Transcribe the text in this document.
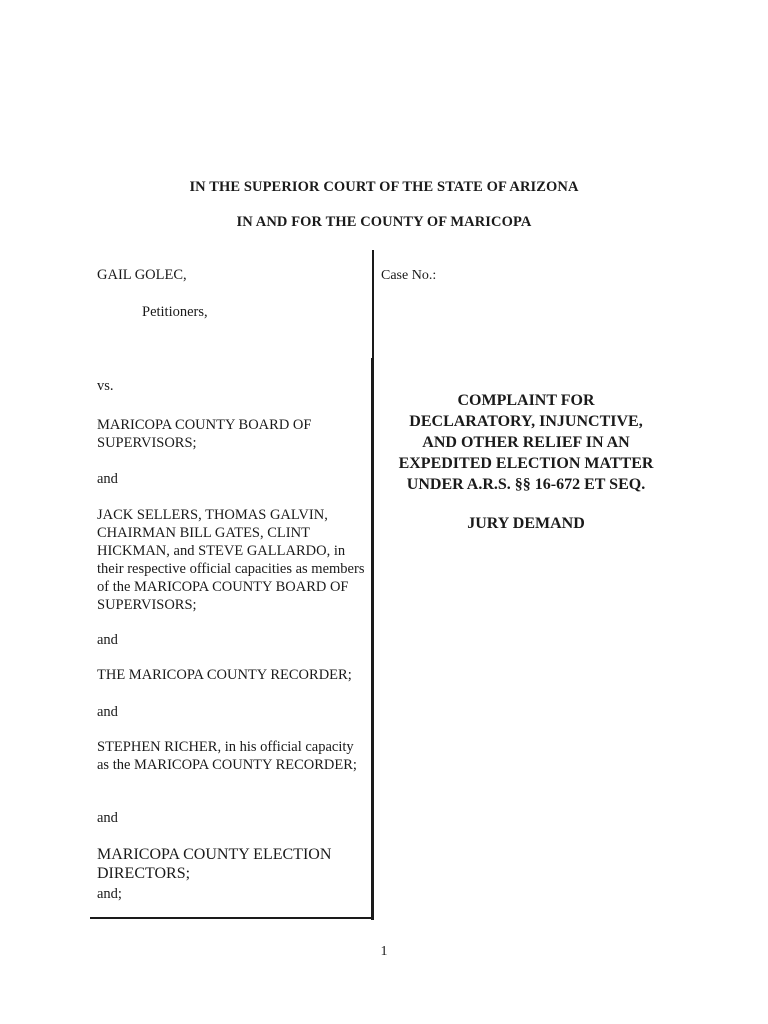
IN THE SUPERIOR COURT OF THE STATE OF ARIZONA
IN AND FOR THE COUNTY OF MARICOPA

GAIL GOLEC,

Petitioners,

vs.

MARICOPA COUNTY BOARD OF SUPERVISORS;

and

JACK SELLERS, THOMAS GALVIN, CHAIRMAN BILL GATES, CLINT HICKMAN, and STEVE GALLARDO, in their respective official capacities as members of the MARICOPA COUNTY BOARD OF SUPERVISORS;

and

THE MARICOPA COUNTY RECORDER;

and

STEPHEN RICHER, in his official capacity as the MARICOPA COUNTY RECORDER;

and

MARICOPA COUNTY ELECTION DIRECTORS;

and;

Case No.:
COMPLAINT FOR
DECLARATORY, INJUNCTIVE,
AND OTHER RELIEF IN AN
EXPEDITED ELECTION MATTER
UNDER A.R.S. §§ 16-672 ET SEQ.
JURY DEMAND
1
